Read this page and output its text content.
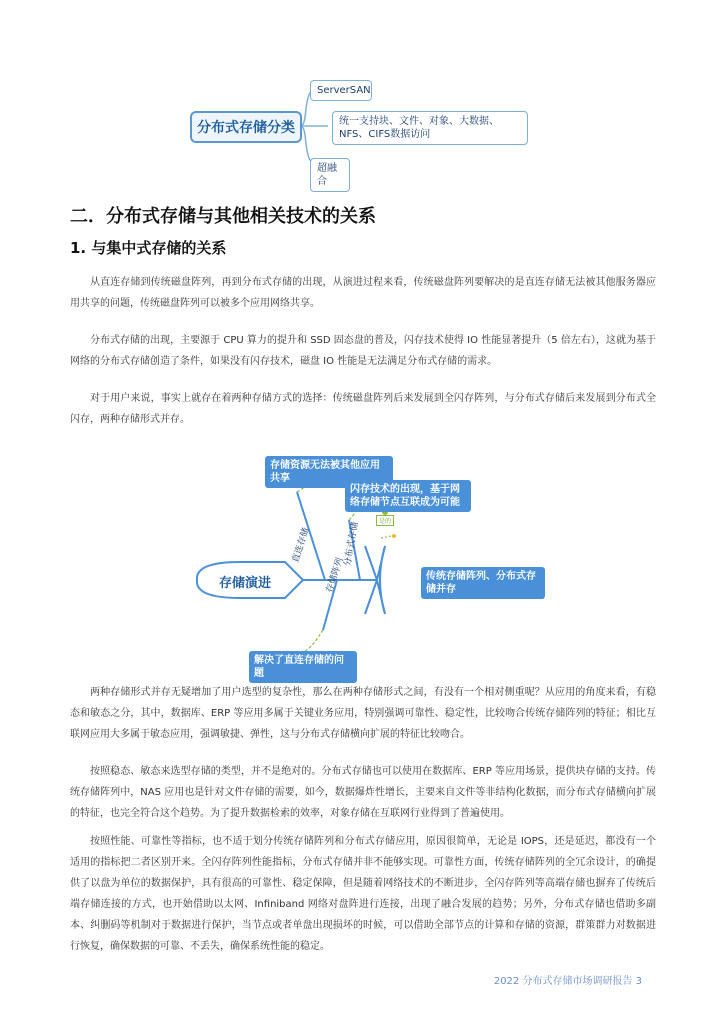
分布式存储分类
ServerSAN
统一支持块、文件、对象、大数据、NFS、CIFS数据访问
超融合
二．分布式存储与其他相关技术的关系
1. 与集中式存储的关系

从直连存储到传统磁盘阵列，再到分布式存储的出现，从演进过程来看，传统磁盘阵列要解决的是直连存储无法被其他服务器应用共享的问题，传统磁盘阵列可以被多个应用网络共享。

分布式存储的出现，主要源于 CPU 算力的提升和 SSD 固态盘的普及，闪存技术使得 IO 性能显著提升（5 倍左右），这就为基于网络的分布式存储创造了条件，如果没有闪存技术，磁盘 IO 性能是无法满足分布式存储的需求。

对于用户来说，事实上就存在着两种存储方式的选择：传统磁盘阵列后来发展到全闪存阵列，与分布式存储后来发展到分布式全闪存，两种存储形式并存。

存储演进
存储资源无法被其他应用共享
闪存技术的出现，基于网络存储节点互联成为可能
传统存储阵列、分布式存储并存
解决了直连存储的问题
是的
直连存储	分布式存储
存储阵列

两种存储形式并存无疑增加了用户选型的复杂性，那么在两种存储形式之间，有没有一个相对侧重呢？从应用的角度来看，有稳态和敏态之分，其中，数据库、ERP 等应用多属于关键业务应用，特别强调可靠性、稳定性，比较吻合传统存储阵列的特征；相比互联网应用大多属于敏态应用，强调敏捷、弹性，这与分布式存储横向扩展的特征比较吻合。

按照稳态、敏态来选型存储的类型，并不是绝对的。分布式存储也可以使用在数据库、ERP 等应用场景，提供块存储的支持。传统存储阵列中，NAS 应用也是针对文件存储的需要，如今，数据爆炸性增长，主要来自文件等非结构化数据，而分布式存储横向扩展的特征，也完全符合这个趋势。为了提升数据检索的效率，对象存储在互联网行业得到了普遍使用。

按照性能、可靠性等指标，也不适于划分传统存储阵列和分布式存储应用，原因很简单，无论是 IOPS，还是延迟，都没有一个适用的指标把二者区别开来。全闪存阵列性能指标，分布式存储并非不能够实现。可靠性方面，传统存储阵列的全冗余设计，的确提供了以盘为单位的数据保护，具有很高的可靠性、稳定保障，但是随着网络技术的不断进步，全闪存阵列等高端存储也摒弃了传统后端存储连接的方式，也开始借助以太网、Infiniband 网络对盘阵进行连接，出现了融合发展的趋势；另外，分布式存储也借助多副本、纠删码等机制对于数据进行保护，当节点或者单盘出现损坏的时候，可以借助全部节点的计算和存储的资源，群策群力对数据进行恢复，确保数据的可靠、不丢失，确保系统性能的稳定。

2022 分布式存储市场调研报告 3
